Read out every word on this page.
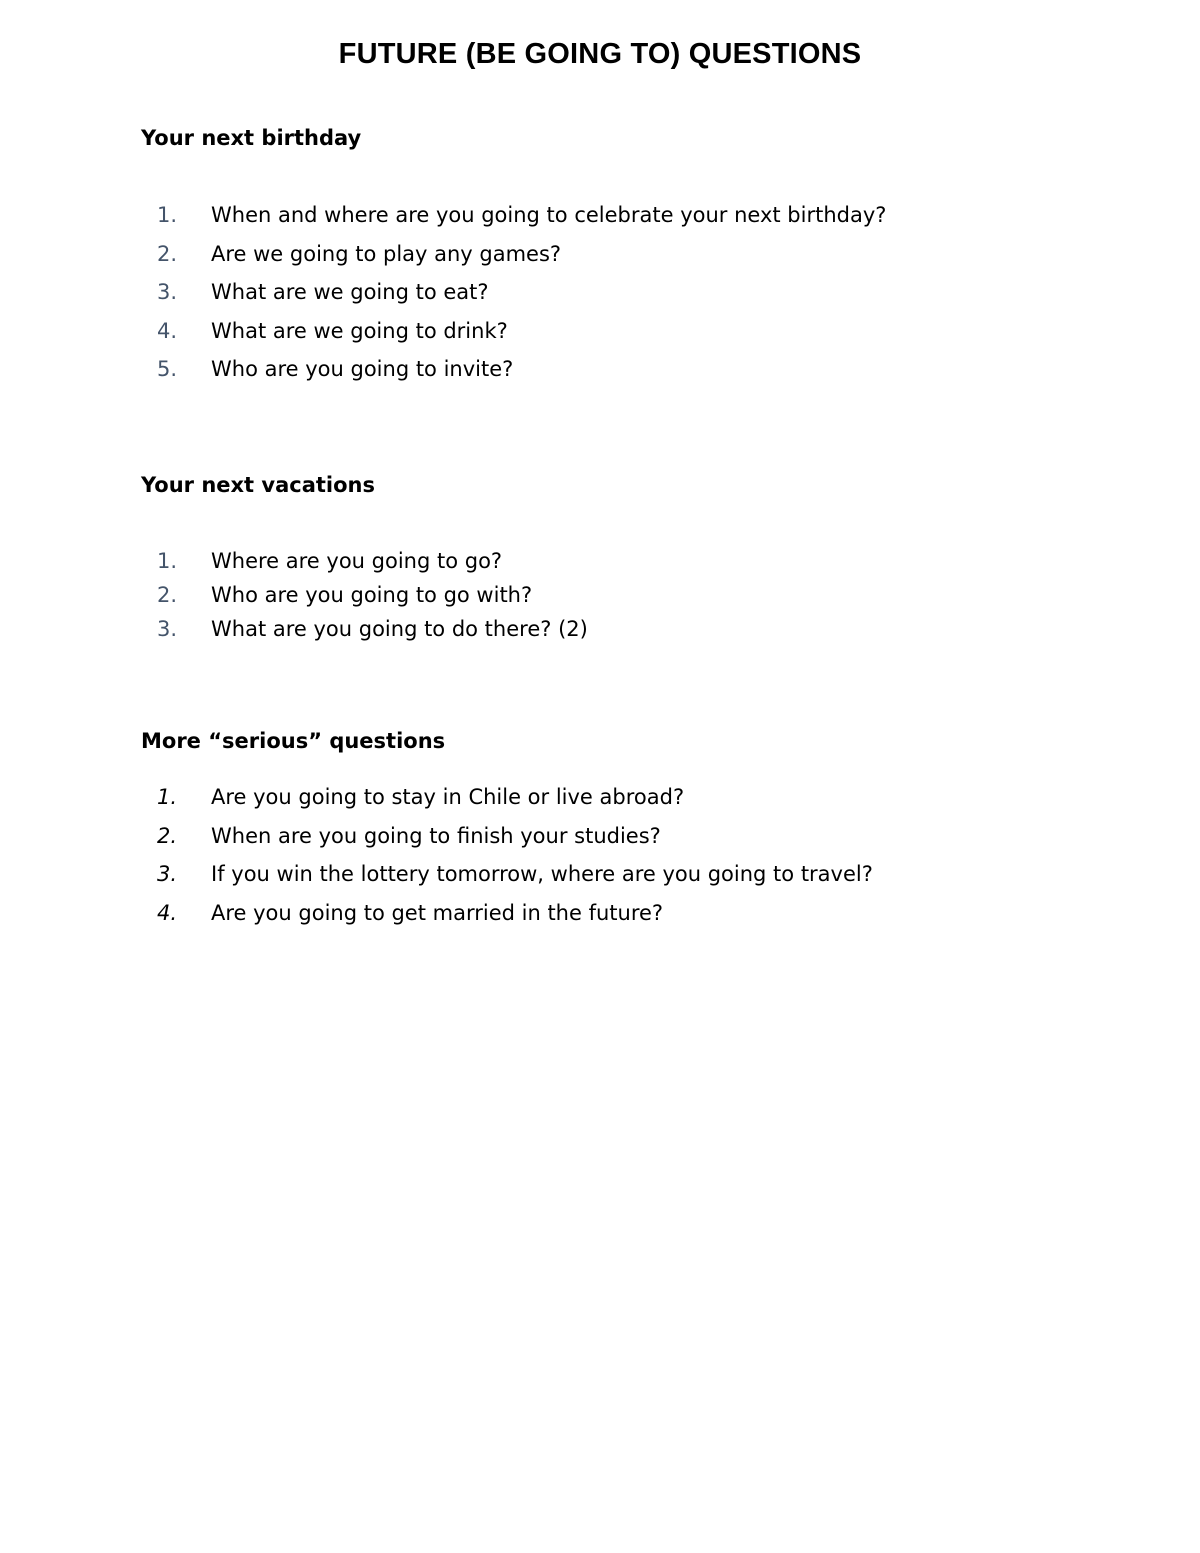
FUTURE (BE GOING TO) QUESTIONS
Your next birthday
1. When and where are you going to celebrate your next birthday?
2. Are we going to play any games?
3. What are we going to eat?
4. What are we going to drink?
5. Who are you going to invite?
Your next vacations
1. Where are you going to go?
2. Who are you going to go with?
3. What are you going to do there? (2)
More “serious” questions
1. Are you going to stay in Chile or live abroad?
2. When are you going to finish your studies?
3. If you win the lottery tomorrow, where are you going to travel?
4. Are you going to get married in the future?
